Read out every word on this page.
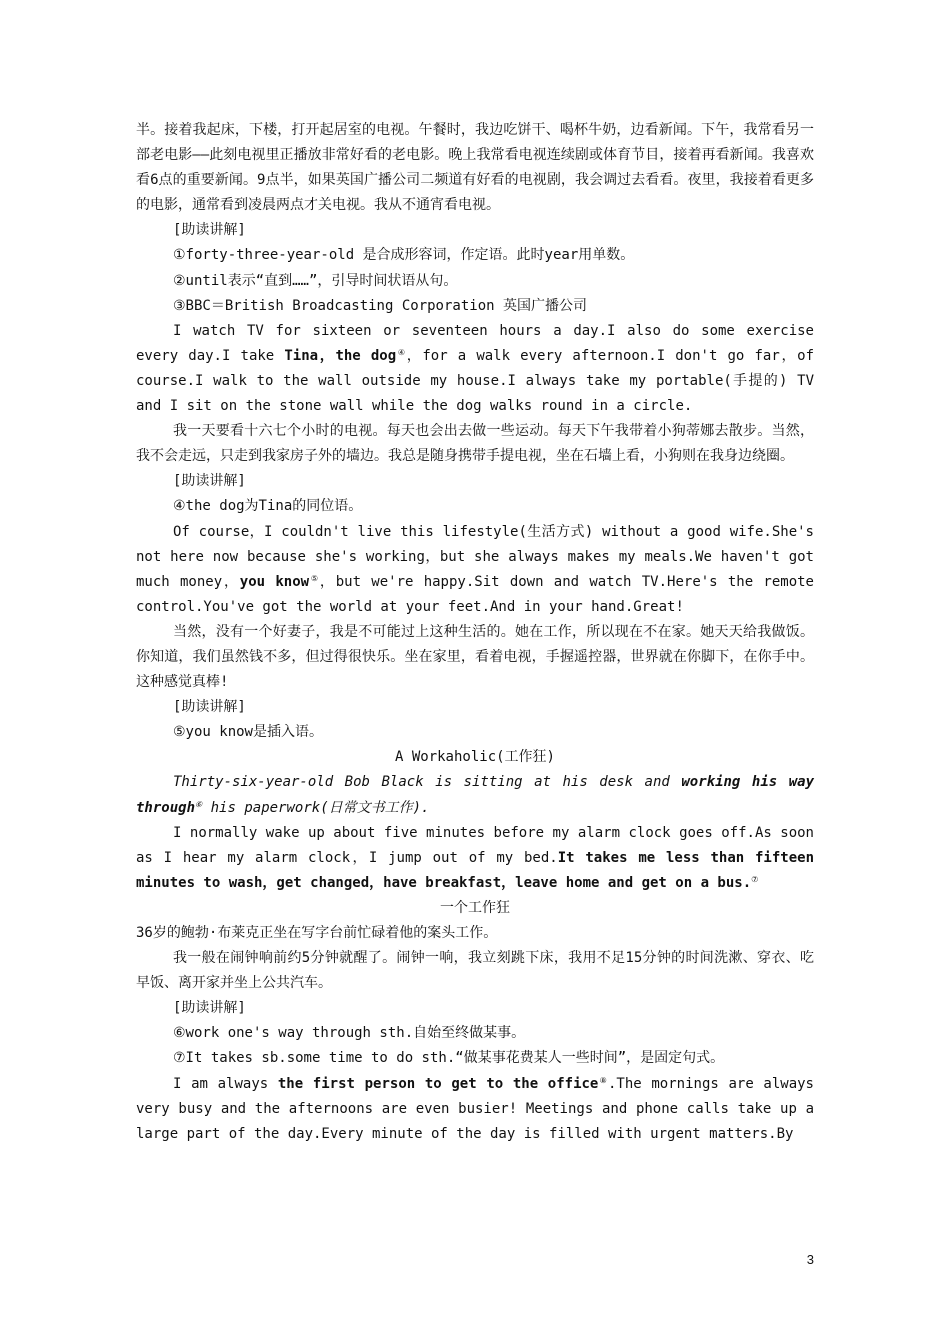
半。接着我起床，下楼，打开起居室的电视。午餐时，我边吃饼干、喝杯牛奶，边看新闻。下午，我常看另一部老电影——此刻电视里正播放非常好看的老电影。晚上我常看电视连续剧或体育节目，接着再看新闻。我喜欢看6点的重要新闻。9点半，如果英国广播公司二频道有好看的电视剧，我会调过去看看。夜里，我接着看更多的电影，通常看到凌晨两点才关电视。我从不通宵看电视。

[助读讲解]

①forty-three-year-old 是合成形容词，作定语。此时year用单数。

②until表示“直到……”，引导时间状语从句。

③BBC＝British Broadcasting Corporation 英国广播公司

I watch TV for sixteen or seventeen hours a day.I also do some exercise every day.I take Tina，the dog④，for a walk every afternoon.I don't go far，of course.I walk to the wall outside my house.I always take my portable(手提的) TV and I sit on the stone wall while the dog walks round in a circle.

我一天要看十六七个小时的电视。每天也会出去做一些运动。每天下午我带着小狗蒂娜去散步。当然，我不会走远，只走到我家房子外的墙边。我总是随身携带手提电视，坐在石墙上看，小狗则在我身边绕圈。

[助读讲解]

④the dog为Tina的同位语。

Of course，I couldn't live this lifestyle(生活方式) without a good wife.She's not here now because she's working，but she always makes my meals.We haven't got much money，you know⑤，but we're happy.Sit down and watch TV.Here's the remote control.You've got the world at your feet.And in your hand.Great!

当然，没有一个好妻子，我是不可能过上这种生活的。她在工作，所以现在不在家。她天天给我做饭。你知道，我们虽然钱不多，但过得很快乐。坐在家里，看着电视，手握遥控器，世界就在你脚下，在你手中。这种感觉真棒!

[助读讲解]

⑤you know是插入语。

A Workaholic(工作狂)

Thirty-six-year-old Bob Black is sitting at his desk and working his way through⑥ his paperwork(日常文书工作).

I normally wake up about five minutes before my alarm clock goes off.As soon as I hear my alarm clock，I jump out of my bed.It takes me less than fifteen minutes to wash，get changed，have breakfast，leave home and get on a bus.⑦

一个工作狂

36岁的鲍勃·布莱克正坐在写字台前忙碌着他的案头工作。

我一般在闹钟响前约5分钟就醒了。闹钟一响，我立刻跳下床，我用不足15分钟的时间洗漱、穿衣、吃早饭、离开家并坐上公共汽车。

[助读讲解]

⑥work one's way through sth.自始至终做某事。

⑦It takes sb.some time to do sth.“做某事花费某人一些时间”，是固定句式。

I am always the first person to get to the office⑧.The mornings are always very busy and the afternoons are even busier! Meetings and phone calls take up a large part of the day.Every minute of the day is filled with urgent matters.By

3
